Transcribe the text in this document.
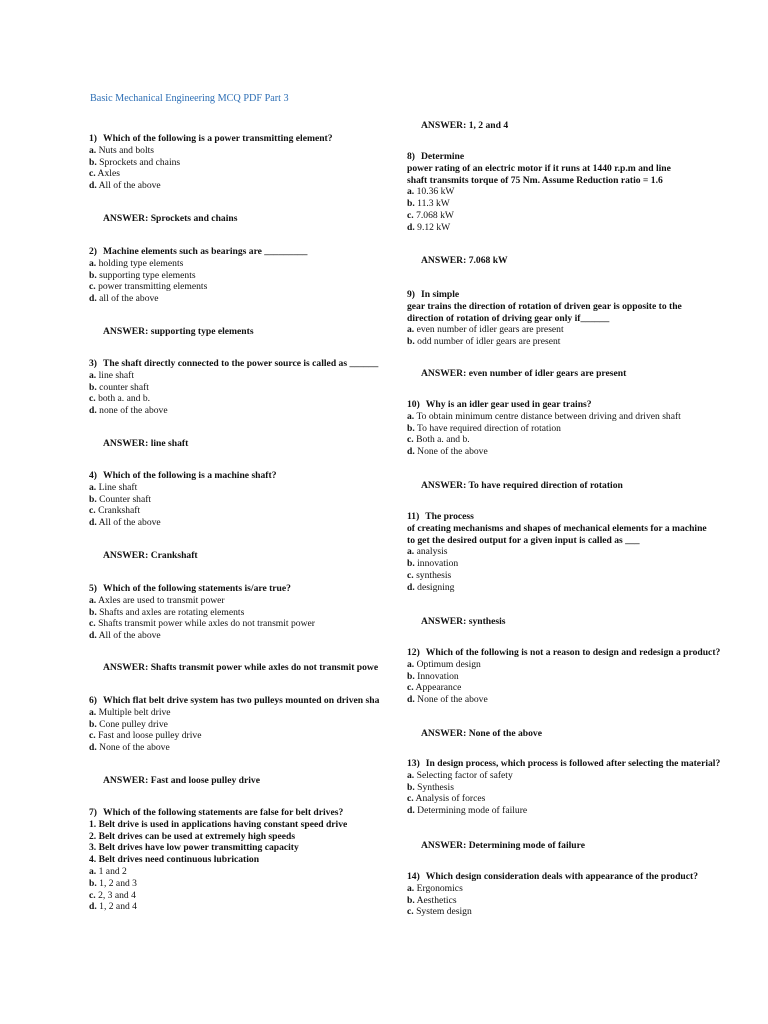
Basic Mechanical Engineering MCQ PDF Part 3
1) Which of the following is a power transmitting element?
a. Nuts and bolts
b. Sprockets and chains
c. Axles
d. All of the above
ANSWER: Sprockets and chains
2) Machine elements such as bearings are _________
a. holding type elements
b. supporting type elements
c. power transmitting elements
d. all of the above
ANSWER: supporting type elements
3) The shaft directly connected to the power source is called as ______
a. line shaft
b. counter shaft
c. both a. and b.
d. none of the above
ANSWER: line shaft
4) Which of the following is a machine shaft?
a. Line shaft
b. Counter shaft
c. Crankshaft
d. All of the above
ANSWER: Crankshaft
5) Which of the following statements is/are true?
a. Axles are used to transmit power
b. Shafts and axles are rotating elements
c. Shafts transmit power while axles do not transmit power
d. All of the above
ANSWER: Shafts transmit power while axles do not transmit powe
6) Which flat belt drive system has two pulleys mounted on driven sha
a. Multiple belt drive
b. Cone pulley drive
c. Fast and loose pulley drive
d. None of the above
ANSWER: Fast and loose pulley drive
7) Which of the following statements are false for belt drives?
1. Belt drive is used in applications having constant speed drive
2. Belt drives can be used at extremely high speeds
3. Belt drives have low power transmitting capacity
4. Belt drives need continuous lubrication
a. 1 and 2
b. 1, 2 and 3
c. 2, 3 and 4
d. 1, 2 and 4
ANSWER: 1, 2 and 4
8) Determine
power rating of an electric motor if it runs at 1440 r.p.m and line
shaft transmits torque of 75 Nm. Assume Reduction ratio = 1.6
a. 10.36 kW
b. 11.3 kW
c. 7.068 kW
d. 9.12 kW
ANSWER: 7.068 kW
9) In simple
gear trains the direction of rotation of driven gear is opposite to the
direction of rotation of driving gear only if______
a. even number of idler gears are present
b. odd number of idler gears are present
ANSWER: even number of idler gears are present
10) Why is an idler gear used in gear trains?
a. To obtain minimum centre distance between driving and driven shaft
b. To have required direction of rotation
c. Both a. and b.
d. None of the above
ANSWER: To have required direction of rotation
11) The process
of creating mechanisms and shapes of mechanical elements for a machine
to get the desired output for a given input is called as ___
a. analysis
b. innovation
c. synthesis
d. designing
ANSWER: synthesis
12) Which of the following is not a reason to design and redesign a product?
a. Optimum design
b. Innovation
c. Appearance
d. None of the above
ANSWER: None of the above
13) In design process, which process is followed after selecting the material?
a. Selecting factor of safety
b. Synthesis
c. Analysis of forces
d. Determining mode of failure
ANSWER: Determining mode of failure
14) Which design consideration deals with appearance of the product?
a. Ergonomics
b. Aesthetics
c. System design
